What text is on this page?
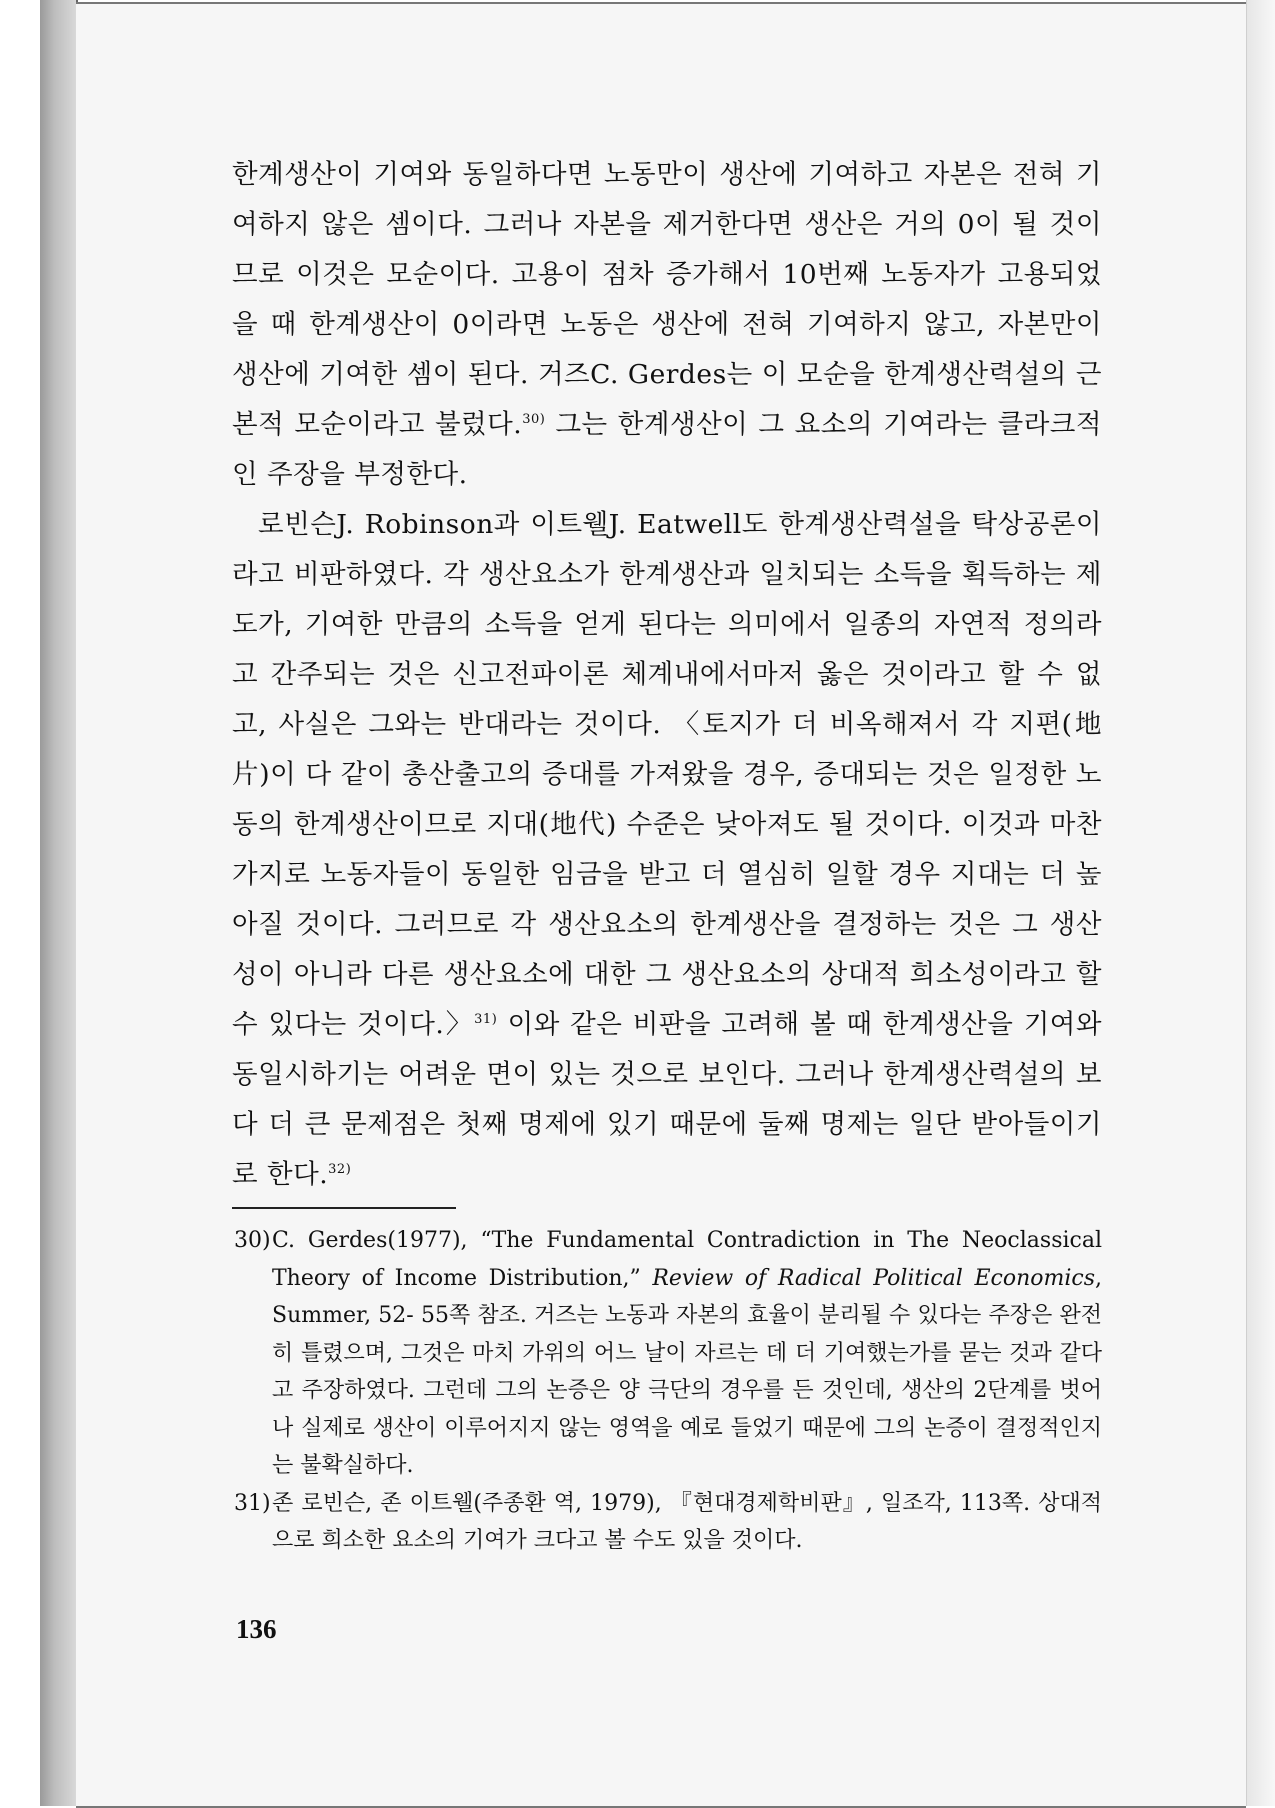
한계생산이 기여와 동일하다면 노동만이 생산에 기여하고 자본은 전혀 기여하지 않은 셈이다. 그러나 자본을 제거한다면 생산은 거의 0이 될 것이므로 이것은 모순이다. 고용이 점차 증가해서 10번째 노동자가 고용되었을 때 한계생산이 0이라면 노동은 생산에 전혀 기여하지 않고, 자본만이 생산에 기여한 셈이 된다. 거즈C. Gerdes는 이 모순을 한계생산력설의 근본적 모순이라고 불렀다.$^{30)}$ 그는 한계생산이 그 요소의 기여라는 클라크적인 주장을 부정한다.

로빈슨J. Robinson과 이트웰J. Eatwell도 한계생산력설을 탁상공론이라고 비판하였다. 각 생산요소가 한계생산과 일치되는 소득을 획득하는 제도가, 기여한 만큼의 소득을 얻게 된다는 의미에서 일종의 자연적 정의라고 간주되는 것은 신고전파이론 체계내에서마저 옳은 것이라고 할 수 없고, 사실은 그와는 반대라는 것이다. 〈토지가 더 비옥해져서 각 지편(地片)이 다 같이 총산출고의 증대를 가져왔을 경우, 증대되는 것은 일정한 노동의 한계생산이므로 지대(地代) 수준은 낮아져도 될 것이다. 이것과 마찬가지로 노동자들이 동일한 임금을 받고 더 열심히 일할 경우 지대는 더 높아질 것이다. 그러므로 각 생산요소의 한계생산을 결정하는 것은 그 생산성이 아니라 다른 생산요소에 대한 그 생산요소의 상대적 희소성이라고 할 수 있다는 것이다.〉$^{31)}$ 이와 같은 비판을 고려해 볼 때 한계생산을 기여와 동일시하기는 어려운 면이 있는 것으로 보인다. 그러나 한계생산력설의 보다 더 큰 문제점은 첫째 명제에 있기 때문에 둘째 명제는 일단 받아들이기로 한다.$^{32)}$

30)C. Gerdes(1977), “The Fundamental Contradiction in The Neoclassical Theory of Income Distribution,” Review of Radical Political Economics, Summer, 52- 55쪽 참조. 거즈는 노동과 자본의 효율이 분리될 수 있다는 주장은 완전히 틀렸으며, 그것은 마치 가위의 어느 날이 자르는 데 더 기여했는가를 묻는 것과 같다고 주장하였다. 그런데 그의 논증은 양 극단의 경우를 든 것인데, 생산의 2단계를 벗어나 실제로 생산이 이루어지지 않는 영역을 예로 들었기 때문에 그의 논증이 결정적인지는 불확실하다.

31)존 로빈슨, 존 이트웰(주종환 역, 1979), 『현대경제학비판』, 일조각, 113쪽. 상대적으로 희소한 요소의 기여가 크다고 볼 수도 있을 것이다.

136
